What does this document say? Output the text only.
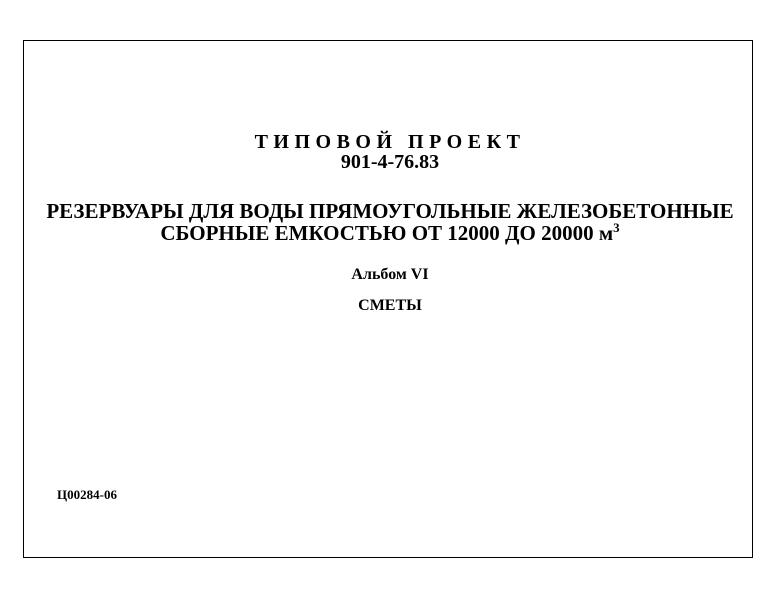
ТИПОВОЙ ПРОЕКТ

901-4-76.83

РЕЗЕРВУАРЫ ДЛЯ ВОДЫ ПРЯМОУГОЛЬНЫЕ ЖЕЛЕЗОБЕТОННЫЕ

СБОРНЫЕ ЕМКОСТЬЮ ОТ 12000 ДО 20000 $м^3$

Альбом VI

СМЕТЫ

Ц00284-06
